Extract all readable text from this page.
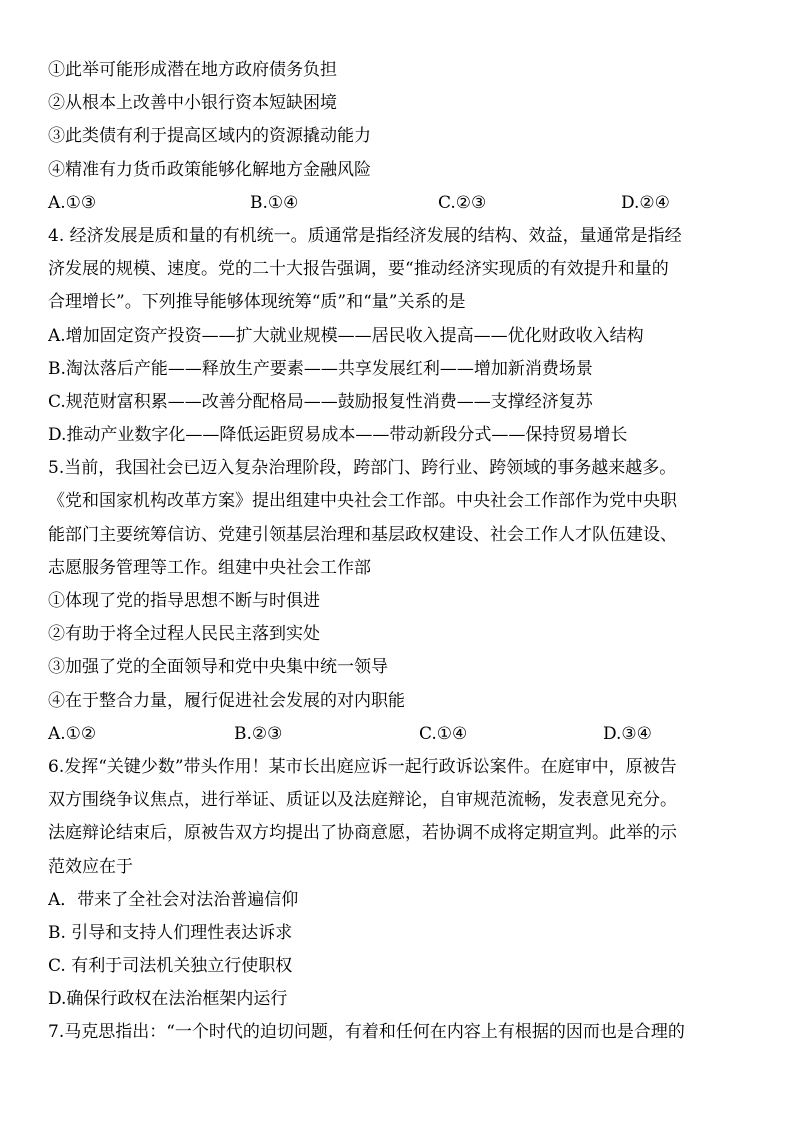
①此举可能形成潜在地方政府债务负担
②从根本上改善中小银行资本短缺困境
③此类债有利于提高区域内的资源撬动能力
④精准有力货币政策能够化解地方金融风险
A.①③	B.①④	C.②③	D.②④
4. 经济发展是质和量的有机统一。质通常是指经济发展的结构、效益，量通常是指经
济发展的规模、速度。党的二十大报告强调，要“推动经济实现质的有效提升和量的
合理增长”。下列推导能够体现统筹“质”和“量”关系的是
A.增加固定资产投资——扩大就业规模——居民收入提高——优化财政收入结构
B.淘汰落后产能——释放生产要素——共享发展红利——增加新消费场景
C.规范财富积累——改善分配格局——鼓励报复性消费——支撑经济复苏
D.推动产业数字化——降低运距贸易成本——带动新段分式——保持贸易增长
5.当前，我国社会已迈入复杂治理阶段，跨部门、跨行业、跨领域的事务越来越多。
《党和国家机构改革方案》提出组建中央社会工作部。中央社会工作部作为党中央职
能部门主要统筹信访、党建引领基层治理和基层政权建设、社会工作人才队伍建设、
志愿服务管理等工作。组建中央社会工作部
①体现了党的指导思想不断与时俱进
②有助于将全过程人民民主落到实处
③加强了党的全面领导和党中央集中统一领导
④在于整合力量，履行促进社会发展的对内职能
A.①②	B.②③	C.①④	D.③④
6.发挥“关键少数”带头作用！某市长出庭应诉一起行政诉讼案件。在庭审中，原被告
双方围绕争议焦点，进行举证、质证以及法庭辩论，自审规范流畅，发表意见充分。
法庭辩论结束后，原被告双方均提出了协商意愿，若协调不成将定期宣判。此举的示
范效应在于
A．带来了全社会对法治普遍信仰
B. 引导和支持人们理性表达诉求
C. 有利于司法机关独立行使职权
D.确保行政权在法治框架内运行
7.马克思指出：“一个时代的迫切问题，有着和任何在内容上有根据的因而也是合理的
